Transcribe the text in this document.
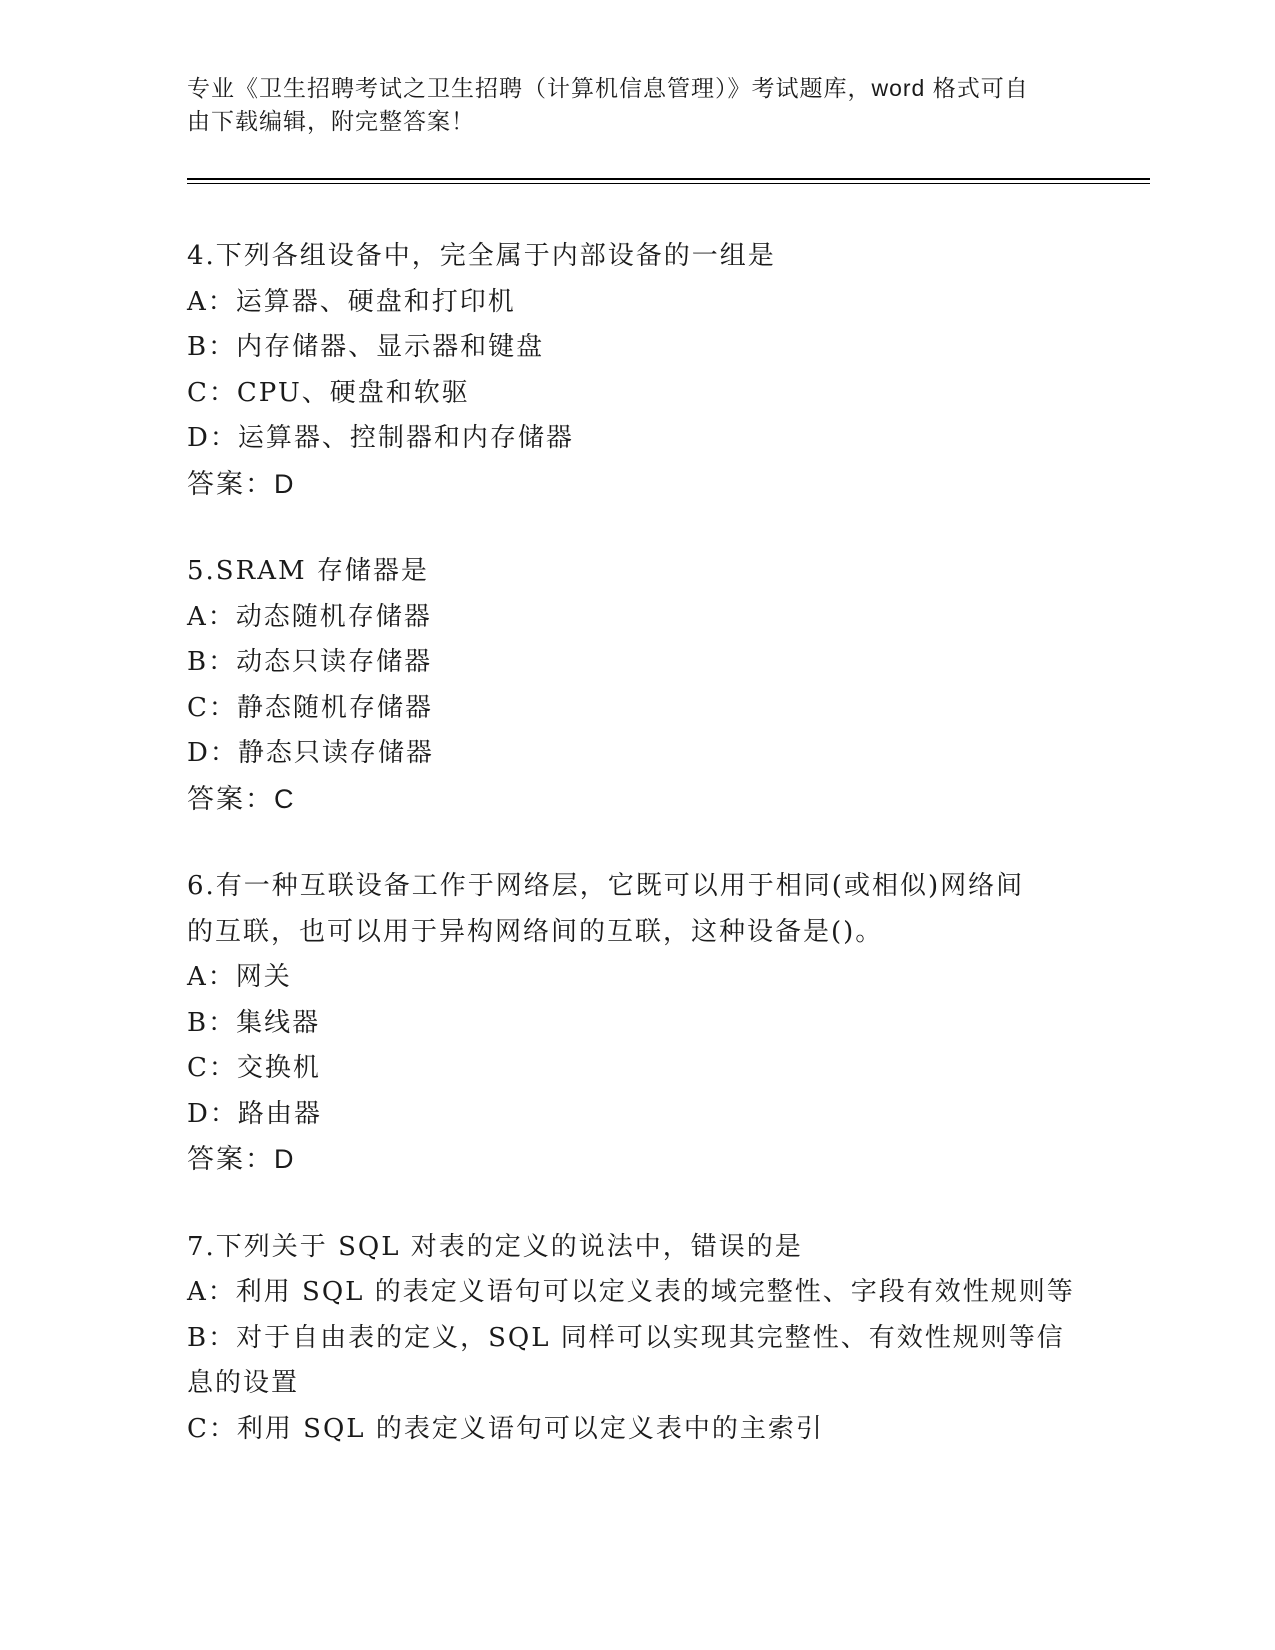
专业《卫生招聘考试之卫生招聘（计算机信息管理）》考试题库，word 格式可自
由下载编辑，附完整答案！
4.下列各组设备中，完全属于内部设备的一组是
A：运算器、硬盘和打印机
B：内存储器、显示器和键盘
C：CPU、硬盘和软驱
D：运算器、控制器和内存储器
答案：D
5.SRAM 存储器是
A：动态随机存储器
B：动态只读存储器
C：静态随机存储器
D：静态只读存储器
答案：C
6.有一种互联设备工作于网络层，它既可以用于相同(或相似)网络间
的互联，也可以用于异构网络间的互联，这种设备是()。
A：网关
B：集线器
C：交换机
D：路由器
答案：D
7.下列关于 SQL 对表的定义的说法中，错误的是
A：利用 SQL 的表定义语句可以定义表的域完整性、字段有效性规则等
B：对于自由表的定义，SQL 同样可以实现其完整性、有效性规则等信
息的设置
C：利用 SQL 的表定义语句可以定义表中的主索引
